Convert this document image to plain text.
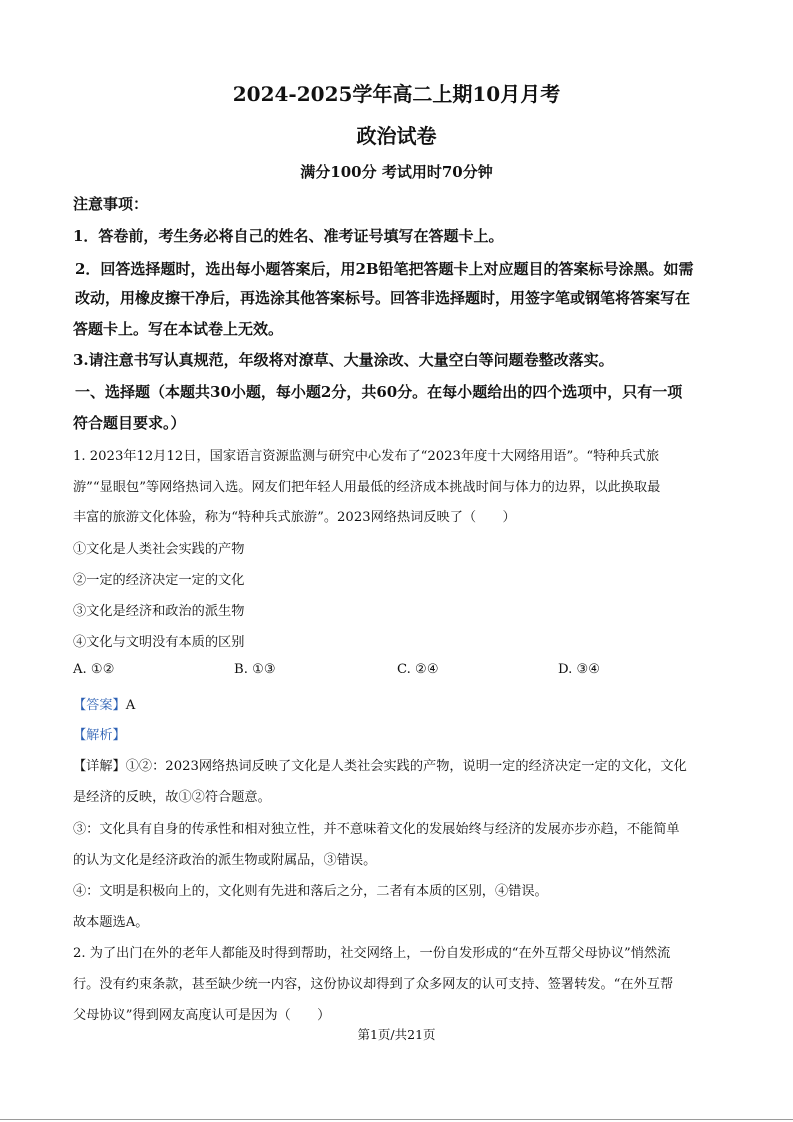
2024-2025学年高二上期10月月考
政治试卷
满分100分 考试用时70分钟
注意事项：
1．答卷前，考生务必将自己的姓名、准考证号填写在答题卡上。
2．回答选择题时，选出每小题答案后，用2B铅笔把答题卡上对应题目的答案标号涂黑。如需
改动，用橡皮擦干净后，再选涂其他答案标号。回答非选择题时，用签字笔或钢笔将答案写在
答题卡上。写在本试卷上无效。
3.请注意书写认真规范，年级将对潦草、大量涂改、大量空白等问题卷整改落实。
一、选择题（本题共30小题，每小题2分，共60分。在每小题给出的四个选项中，只有一项
符合题目要求。）
1. 2023年12月12日，国家语言资源监测与研究中心发布了“2023年度十大网络用语”。“特种兵式旅
游”“显眼包”等网络热词入选。网友们把年轻人用最低的经济成本挑战时间与体力的边界，以此换取最
丰富的旅游文化体验，称为“特种兵式旅游”。2023网络热词反映了（　　）
①文化是人类社会实践的产物
②一定的经济决定一定的文化
③文化是经济和政治的派生物
④文化与文明没有本质的区别
A. ①②	B. ①③	C. ②④	D. ③④
【答案】A
【解析】
【详解】①②：2023网络热词反映了文化是人类社会实践的产物，说明一定的经济决定一定的文化，文化
是经济的反映，故①②符合题意。
③：文化具有自身的传承性和相对独立性，并不意味着文化的发展始终与经济的发展亦步亦趋，不能简单
的认为文化是经济政治的派生物或附属品，③错误。
④：文明是积极向上的，文化则有先进和落后之分，二者有本质的区别，④错误。
故本题选A。
2. 为了出门在外的老年人都能及时得到帮助，社交网络上，一份自发形成的“在外互帮父母协议”悄然流
行。没有约束条款，甚至缺少统一内容，这份协议却得到了众多网友的认可支持、签署转发。“在外互帮
父母协议”得到网友高度认可是因为（　　）
第1页/共21页
